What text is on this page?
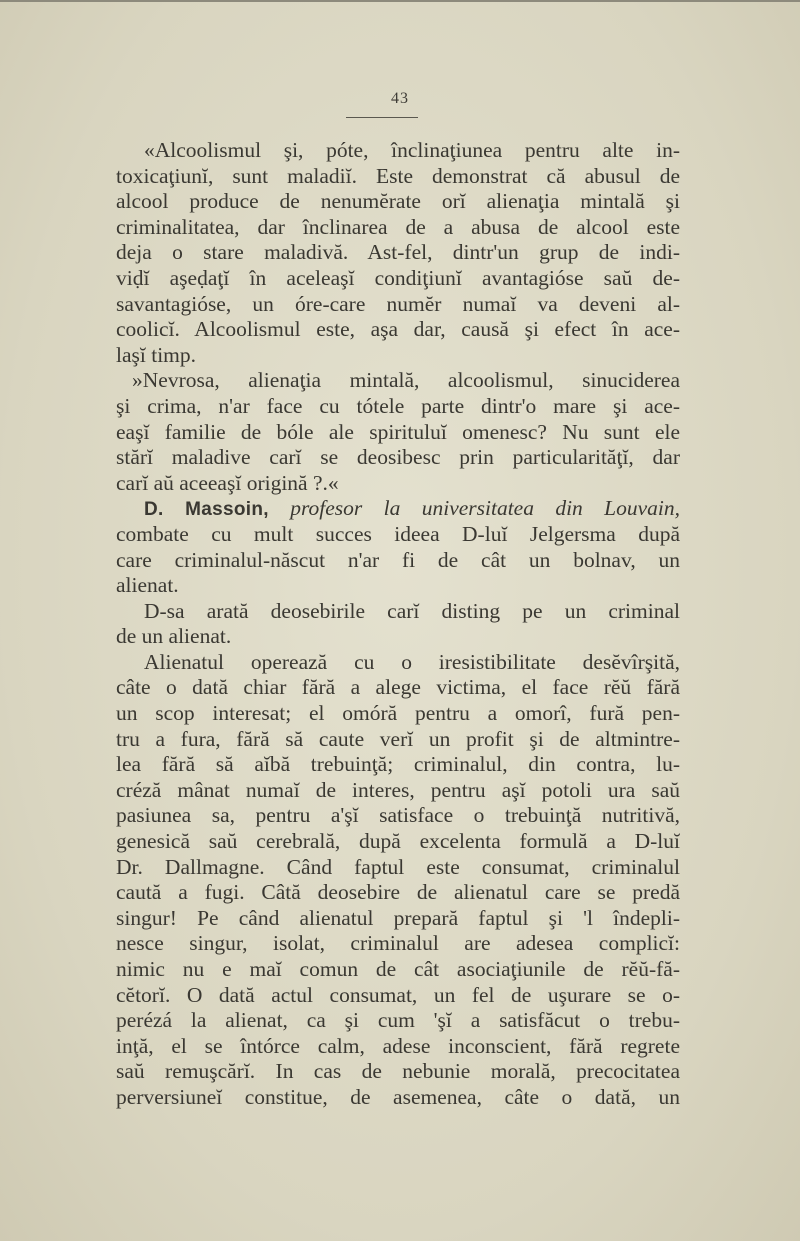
43
«Alcoolismul şi, póte, înclinaţiunea pentru alte in-
toxicaţiunĭ, sunt maladiĭ. Este demonstrat că abusul de
alcool produce de nenumĕrate orĭ alienaţia mintală şi
criminalitatea, dar înclinarea de a abusa de alcool este
deja o stare maladivă. Ast-fel, dintr'un grup de indi-
viḍĭ aşeḍaţĭ în aceleaşĭ condiţiunĭ avantagióse saŭ de-
savantagióse, un óre-care numĕr numaĭ va deveni al-
coolicĭ. Alcoolismul este, aşa dar, causă şi efect în ace-
laşĭ timp.
»Nevrosa, alienaţia mintală, alcoolismul, sinuciderea
şi crima, n'ar face cu tótele parte dintr'o mare şi ace-
eaşĭ familie de bóle ale spirituluĭ omenesc? Nu sunt ele
stărĭ maladive carĭ se deosibesc prin particularităţĭ, dar
carĭ aŭ aceeaşĭ origină ?.«
D. Massoin, profesor la universitatea din Louvain,
combate cu mult succes ideea D-luĭ Jelgersma după
care criminalul-născut n'ar fi de cât un bolnav, un
alienat.
D-sa arată deosebirile carĭ disting pe un criminal
de un alienat.
Alienatul operează cu o iresistibilitate desĕvîrşită,
câte o dată chiar fără a alege victima, el face rĕŭ fără
un scop interesat; el omóră pentru a omorî, fură pen-
tru a fura, fără să caute verĭ un profit şi de altmintre-
lea fără să aĭbă trebuinţă; criminalul, din contra, lu-
créză mânat numaĭ de interes, pentru aşĭ potoli ura saŭ
pasiunea sa, pentru a'şĭ satisface o trebuinţă nutritivă,
genesică saŭ cerebrală, după excelenta formulă a D-luĭ
Dr. Dallmagne. Când faptul este consumat, criminalul
caută a fugi. Câtă deosebire de alienatul care se predă
singur! Pe când alienatul prepară faptul şi 'l îndepli-
nesce singur, isolat, criminalul are adesea complicĭ:
nimic nu e maĭ comun de cât asociaţiunile de rĕŭ-fă-
cĕtorĭ. O dată actul consumat, un fel de uşurare se o-
perézá la alienat, ca şi cum 'şĭ a satisfăcut o trebu-
inţă, el se întórce calm, adese inconscient, fără regrete
saŭ remuşcărĭ. In cas de nebunie morală, precocitatea
perversiuneĭ constitue, de asemenea, câte o dată, un
